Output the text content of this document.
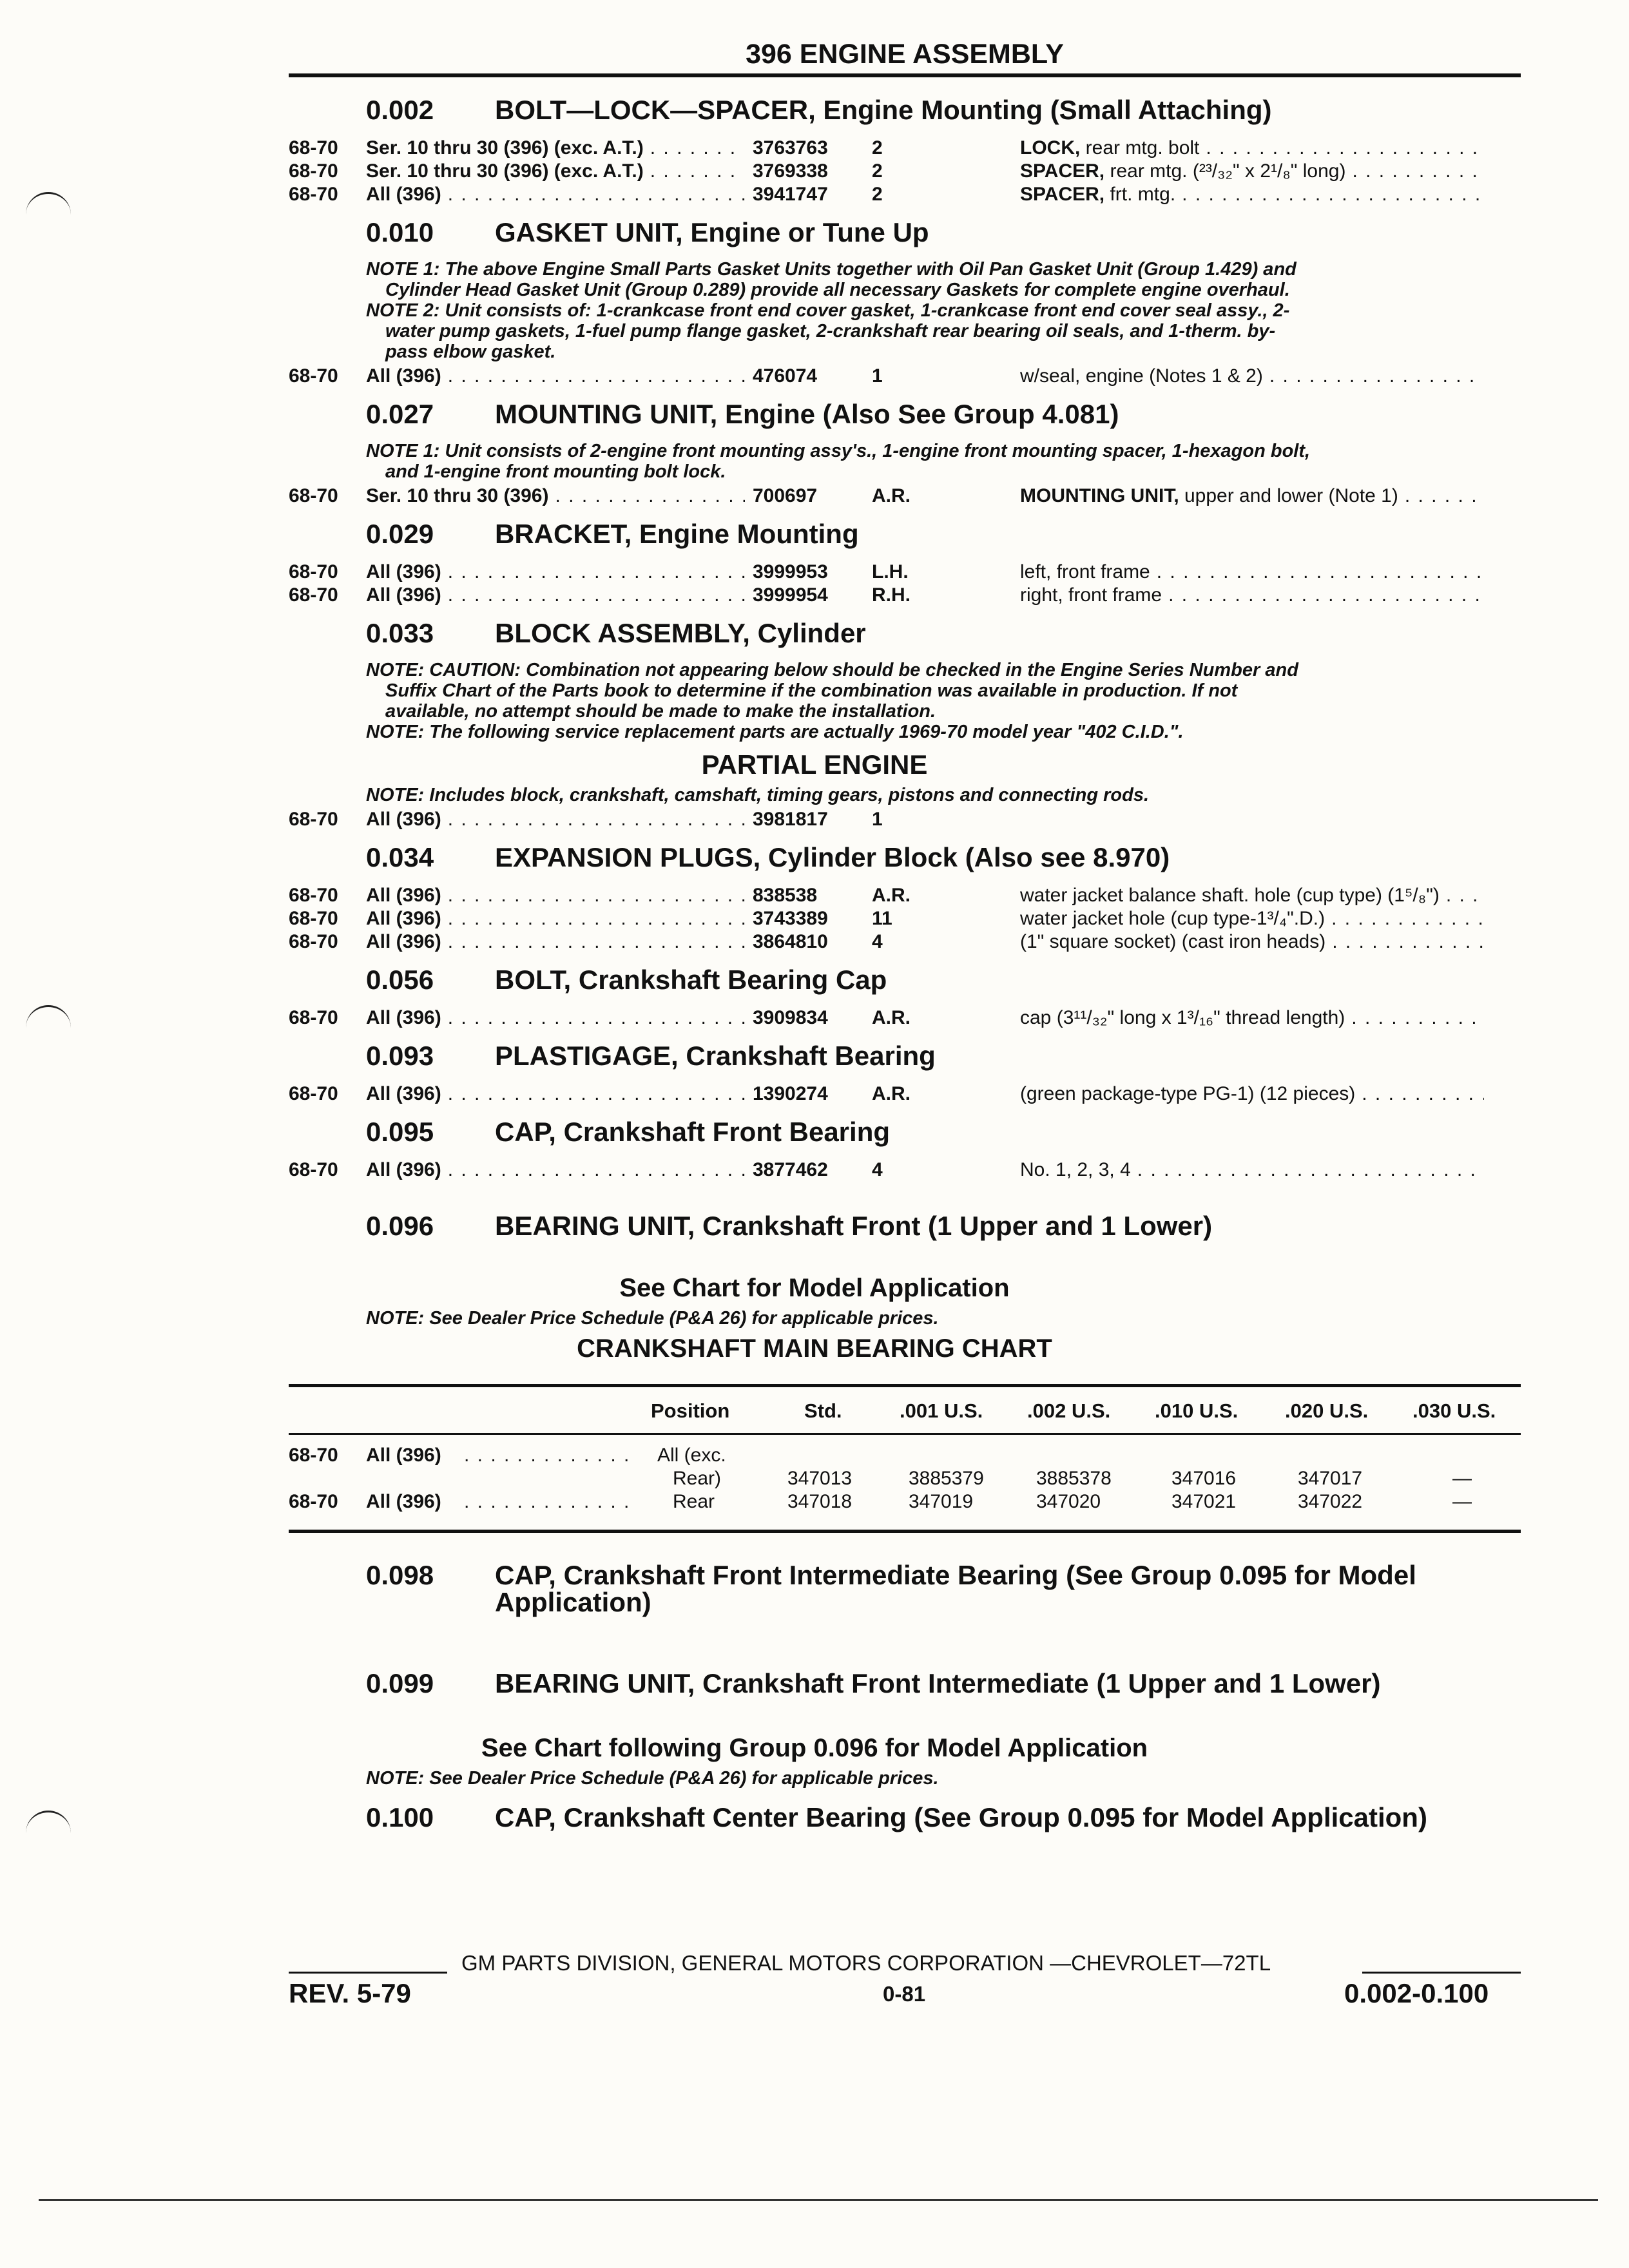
396 ENGINE ASSEMBLY
0.002	BOLT—LOCK—SPACER, Engine Mounting (Small Attaching)
68-70	Ser. 10 thru 30 (396) (exc. A.T.) . . .	3763763	2	LOCK, rear mtg. bolt
. . .
68-70	Ser. 10 thru 30 (396) (exc. A.T.) . . .	3769338	2	SPACER, rear mtg. (²³/₃₂" x 2¹/₈" long)
. . .
68-70	All (396) . . .	3941747	2	SPACER, frt. mtg.
. . .
0.010	GASKET UNIT, Engine or Tune Up
NOTE 1: The above Engine Small Parts Gasket Units together with Oil Pan Gasket Unit (Group 1.429) and
Cylinder Head Gasket Unit (Group 0.289) provide all necessary Gaskets for complete engine overhaul.
NOTE 2: Unit consists of: 1-crankcase front end cover gasket, 1-crankcase front end cover seal assy., 2-
water pump gaskets, 1-fuel pump flange gasket, 2-crankshaft rear bearing oil seals, and 1-therm. by-
pass elbow gasket.
68-70	All (396) . . .	476074	1	w/seal, engine (Notes 1 & 2)
. . .
0.027	MOUNTING UNIT, Engine (Also See Group 4.081)
NOTE 1: Unit consists of 2-engine front mounting assy's., 1-engine front mounting spacer, 1-hexagon bolt,
and 1-engine front mounting bolt lock.
68-70	Ser. 10 thru 30 (396) . . .	700697	A.R.	MOUNTING UNIT, upper and lower (Note 1)
. . .
0.029	BRACKET, Engine Mounting
68-70	All (396) . . .	3999953	L.H.	left, front frame
. . .
68-70	All (396) . . .	3999954	R.H.	right, front frame
. . .
0.033	BLOCK ASSEMBLY, Cylinder
NOTE: CAUTION: Combination not appearing below should be checked in the Engine Series Number and
Suffix Chart of the Parts book to determine if the combination was available in production. If not
available, no attempt should be made to make the installation.
NOTE: The following service replacement parts are actually 1969-70 model year "402 C.I.D.".
PARTIAL ENGINE
NOTE: Includes block, crankshaft, camshaft, timing gears, pistons and connecting rods.
68-70	All (396) . . .	3981817	1
0.034	EXPANSION PLUGS, Cylinder Block (Also see 8.970)
68-70	All (396) . . .	838538	A.R.	water jacket balance shaft. hole (cup type) (1⁵/₈")
. . .
68-70	All (396) . . .	3743389	11	water jacket hole (cup type-1³/₄".D.)
. . .
68-70	All (396) . . .	3864810	4	(1" square socket) (cast iron heads)
. . .
0.056	BOLT, Crankshaft Bearing Cap
68-70	All (396) . . .	3909834	A.R.	cap (3¹¹/₃₂" long x 1³/₁₆" thread length)
. . .
0.093	PLASTIGAGE, Crankshaft Bearing
68-70	All (396) . . .	1390274	A.R.	(green package-type PG-1) (12 pieces)
. . .
0.095	CAP, Crankshaft Front Bearing
68-70	All (396) . . .	3877462	4	No. 1, 2, 3, 4
. . .
0.096	BEARING UNIT, Crankshaft Front (1 Upper and 1 Lower)
See Chart for Model Application
NOTE: See Dealer Price Schedule (P&A 26) for applicable prices.
CRANKSHAFT MAIN BEARING CHART
Position	Std.	.001 U.S. .002 U.S. .010 U.S. .020 U.S. .030 U.S.
68-70 All (396) . . . . . . . . . . . . . All (exc.
Rear)	347013	3885379	3885378	347016	347017	—
68-70 All (396) . . . . . . . . . . . . . Rear	347018	347019	347020	347021	347022	—
0.098	CAP, Crankshaft Front Intermediate Bearing (See Group 0.095 for Model Application)
0.099	BEARING UNIT, Crankshaft Front Intermediate (1 Upper and 1 Lower)
See Chart following Group 0.096 for Model Application
NOTE: See Dealer Price Schedule (P&A 26) for applicable prices.
0.100	CAP, Crankshaft Center Bearing (See Group 0.095 for Model Application)
GM PARTS DIVISION, GENERAL MOTORS CORPORATION —CHEVROLET—72TL
REV. 5-79	0-81	0.002-0.100
